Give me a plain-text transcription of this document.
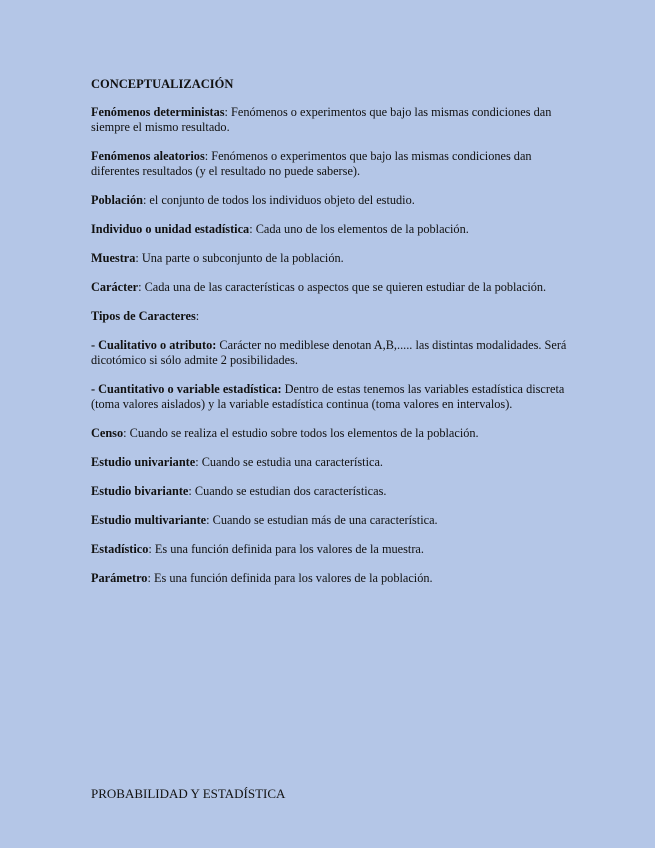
CONCEPTUALIZACIÓN

Fenómenos deterministas: Fenómenos o experimentos que bajo las mismas condiciones dan siempre el mismo resultado.

Fenómenos aleatorios: Fenómenos o experimentos que bajo las mismas condiciones dan diferentes resultados (y el resultado no puede saberse).

Población: el conjunto de todos los individuos objeto del estudio.

Individuo o unidad estadística: Cada uno de los elementos de la población.

Muestra: Una parte o subconjunto de la población.

Carácter: Cada una de las características o aspectos que se quieren estudiar de la población.

Tipos de Caracteres:

- Cualitativo o atributo: Carácter no mediblese denotan A,B,..... las distintas modalidades. Será dicotómico si sólo admite 2 posibilidades.

- Cuantitativo o variable estadística: Dentro de estas tenemos las variables estadística discreta (toma valores aislados) y la variable estadística continua (toma valores en intervalos).

Censo: Cuando se realiza el estudio sobre todos los elementos de la población.

Estudio univariante: Cuando se estudia una característica.

Estudio bivariante: Cuando se estudian dos características.

Estudio multivariante: Cuando se estudian más de una característica.

Estadístico: Es una función definida para los valores de la muestra.

Parámetro: Es una función definida para los valores de la población.

PROBABILIDAD Y ESTADÍSTICA
